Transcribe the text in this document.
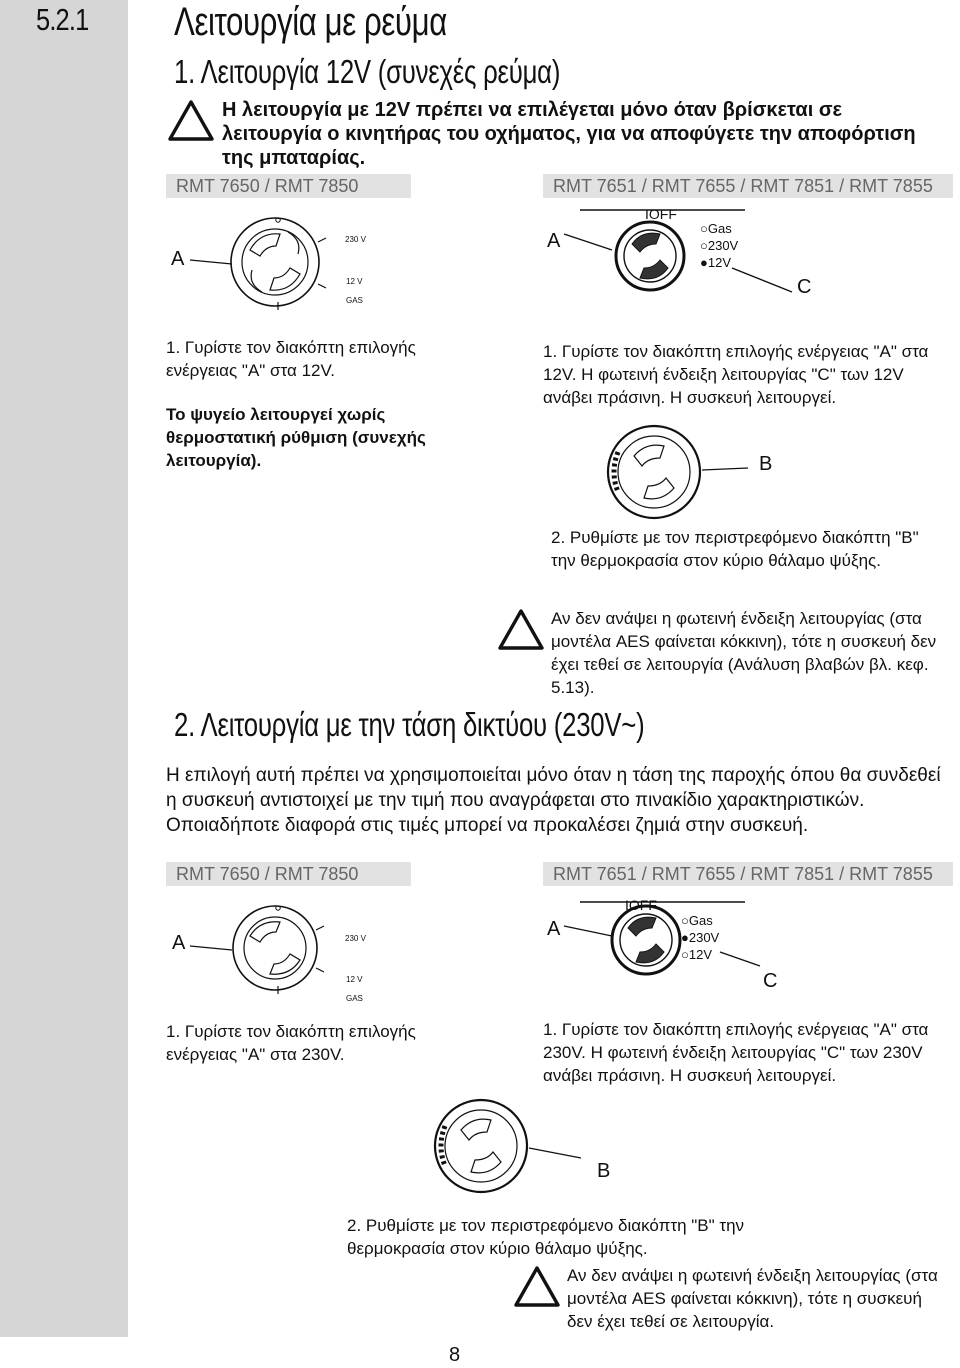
5.2.1 Λειτουργία με ρεύμα
1. Λειτουργία 12V (συνεχές ρεύμα)
Η λειτουργία με 12V πρέπει να επιλέγεται μόνο όταν βρίσκεται σε λειτουργία ο κινητήρας του οχήματος, για να αποφύγετε την αποφόρτιση της μπαταρίας.
RMT 7650 / RMT 7850	RMT 7651 / RMT 7655 / RMT 7851 / RMT 7855
A
230 V
12 V
GAS
A
IOFF
○Gas
○230V
●12V
C
1. Γυρίστε τον διακόπτη επιλογής ενέργειας "A" στα 12V.
Το ψυγείο λειτουργεί χωρίς θερμοστατική ρύθμιση (συνεχής λειτουργία).
1. Γυρίστε τον διακόπτη επιλογής ενέργειας "A" στα 12V. Η φωτεινή ένδειξη λειτουργίας "C" των 12V ανάβει πράσινη. Η συσκευή λειτουργεί.
B
2. Ρυθμίστε με τον περιστρεφόμενο διακόπτη "B" την θερμοκρασία στον κύριο θάλαμο ψύξης.
Αν δεν ανάψει η φωτεινή ένδειξη λειτουργίας (στα μοντέλα AES φαίνεται κόκκινη), τότε η συσκευή δεν έχει τεθεί σε λειτουργία (Ανάλυση βλαβών βλ. κεφ. 5.13).
2. Λειτουργία με την τάση δικτύου (230V~)
Η επιλογή αυτή πρέπει να χρησιμοποιείται μόνο όταν η τάση της παροχής όπου θα συνδεθεί η συσκευή αντιστοιχεί με την τιμή που αναγράφεται στο πινακίδιο χαρακτηριστικών. Οποιαδήποτε διαφορά στις τιμές μπορεί να προκαλέσει ζημιά στην συσκευή.
RMT 7650 / RMT 7850	RMT 7651 / RMT 7655 / RMT 7851 / RMT 7855
A	230 V
12 V
GAS
A
IOFF
○Gas
●230V
○12V
C
1. Γυρίστε τον διακόπτη επιλογής ενέργειας "A" στα 230V.
1. Γυρίστε τον διακόπτη επιλογής ενέργειας "A" στα 230V. Η φωτεινή ένδειξη λειτουργίας "C" των 230V ανάβει πράσινη. Η συσκευή λειτουργεί.
B
2. Ρυθμίστε με τον περιστρεφόμενο διακόπτη "B" την θερμοκρασία στον κύριο θάλαμο ψύξης.
Αν δεν ανάψει η φωτεινή ένδειξη λειτουργίας (στα μοντέλα AES φαίνεται κόκκινη), τότε η συσκευή δεν έχει τεθεί σε λειτουργία.
8
